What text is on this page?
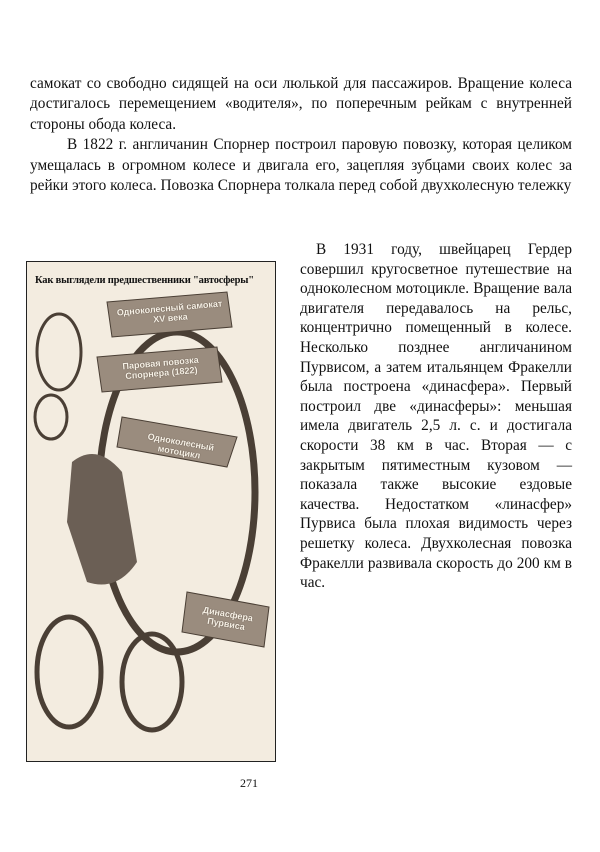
самокат со свободно сидящей на оси люлькой для пассажиров. Вращение колеса достигалось перемещением «водителя», по поперечным рейкам с внутренней стороны обода колеса.

В 1822 г. англичанин Спорнер построил паровую повозку, которая целиком умещалась в огромном колесе и двигала его, зацепляя зубцами своих колес за рейки этого колеса. Повозка Спорнера толкала перед собой двухколесную тележку

Как выглядели предшественники "автосферы"
Одноколесный самокат XV века
Паровая повозка Спорнера (1822)
Одноколесный мотоцикл
Динасфера Пурвиса

В 1931 году, швейцарец Гердер совершил кругосветное путешествие на одноколесном мотоцикле. Вращение вала двигателя передавалось на рельс, концентрично помещенный в колесе. Несколько позднее англичанином Пурвисом, а затем итальянцем Фракелли была построена «динасфера». Первый построил две «динасферы»: меньшая имела двигатель 2,5 л. с. и достигала скорости 38 км в час. Вторая — с закрытым пятиместным кузовом — показала также высокие ездовые качества. Недостатком «линасфер» Пурвиса была плохая видимость через решетку колеса. Двухколесная повозка Фракелли развивала скорость до 200 км в час.

271
